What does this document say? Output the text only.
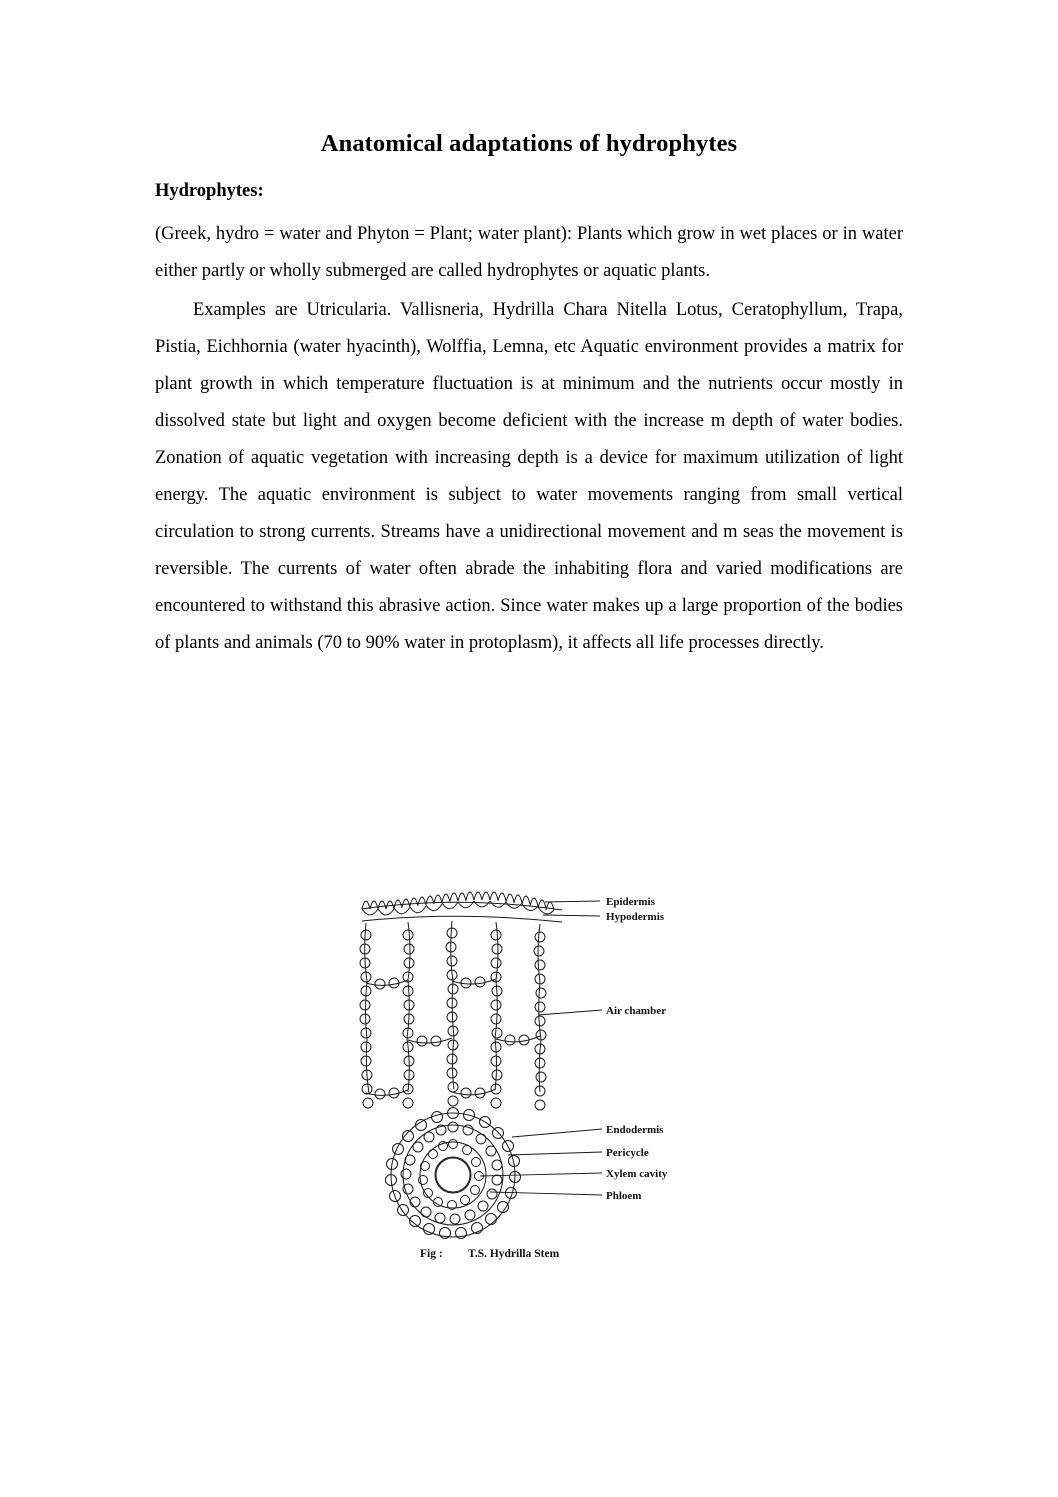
Anatomical adaptations of hydrophytes
Hydrophytes:

(Greek, hydro = water and Phyton = Plant; water plant): Plants which grow in wet places or in water either partly or wholly submerged are called hydrophytes or aquatic plants.

Examples are Utricularia. Vallisneria, Hydrilla Chara Nitella Lotus, Ceratophyllum, Trapa, Pistia, Eichhornia (water hyacinth), Wolffia, Lemna, etc Aquatic environment provides a matrix for plant growth in which temperature fluctuation is at minimum and the nutrients occur mostly in dissolved state but light and oxygen become deficient with the increase m depth of water bodies. Zonation of aquatic vegetation with increasing depth is a device for maximum utilization of light energy. The aquatic environment is subject to water movements ranging from small vertical circulation to strong currents. Streams have a unidirectional movement and m seas the movement is reversible. The currents of water often abrade the inhabiting flora and varied modifications are encountered to withstand this abrasive action. Since water makes up a large proportion of the bodies of plants and animals (70 to 90% water in protoplasm), it affects all life processes directly.

Epidermis
Hypodermis
Air chamber
Endodermis
Pericycle
Xylem cavity
Phloem
Fig : T.S. Hydrilla Stem
